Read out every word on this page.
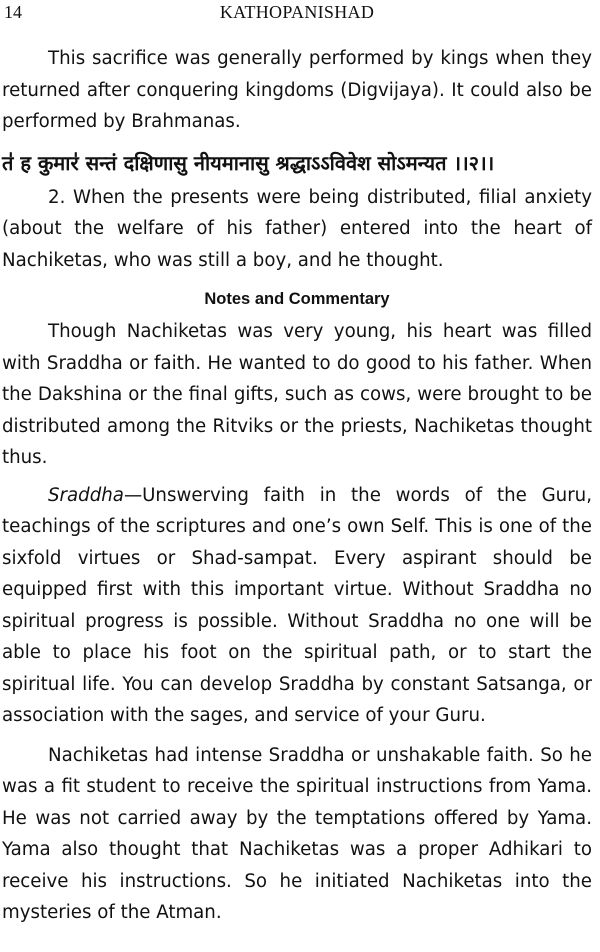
14	KATHOPANISHAD

This sacrifice was generally performed by kings when they returned after conquering kingdoms (Digvijaya). It could also be performed by Brahmanas.

त॑ ह कुमार॑ सन्तं दक्षिणासु नीयमानासु श्रद्धाऽऽविवेश सोऽमन्यत ।।२।।

2. When the presents were being distributed, filial anxiety (about the welfare of his father) entered into the heart of Nachiketas, who was still a boy, and he thought.

Notes and Commentary

Though Nachiketas was very young, his heart was filled with Sraddha or faith. He wanted to do good to his father. When the Dakshina or the final gifts, such as cows, were brought to be distributed among the Ritviks or the priests, Nachiketas thought thus.

Sraddha—Unswerving faith in the words of the Guru, teachings of the scriptures and one’s own Self. This is one of the sixfold virtues or Shad-sampat. Every aspirant should be equipped first with this important virtue. Without Sraddha no spiritual progress is possible. Without Sraddha no one will be able to place his foot on the spiritual path, or to start the spiritual life. You can develop Sraddha by constant Satsanga, or association with the sages, and service of your Guru.

Nachiketas had intense Sraddha or unshakable faith. So he was a fit student to receive the spiritual instructions from Yama. He was not carried away by the temptations offered by Yama. Yama also thought that Nachiketas was a proper Adhikari to receive his instructions. So he initiated Nachiketas into the mysteries of the Atman.
